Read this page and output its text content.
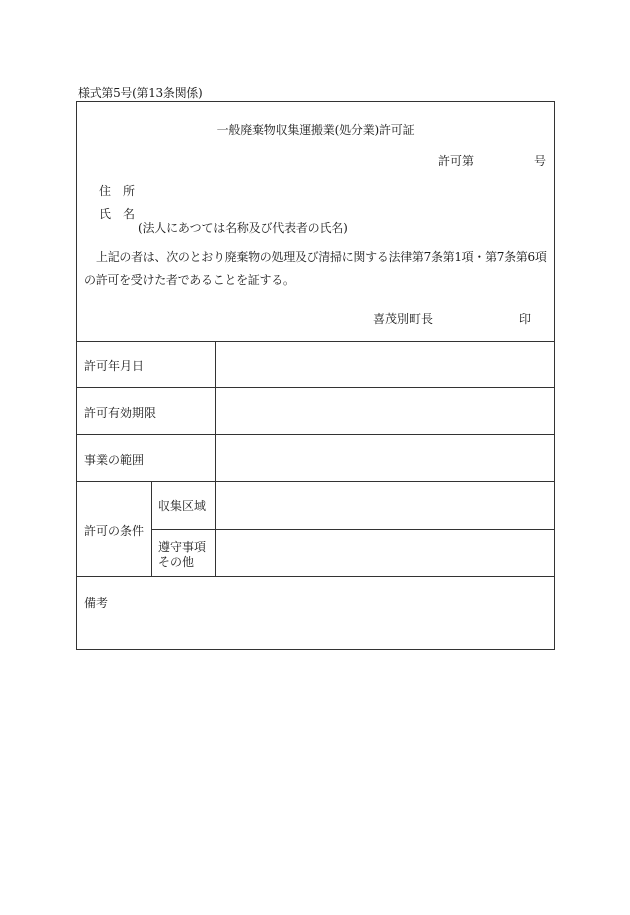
様式第5号(第13条関係)
一般廃棄物収集運搬業(処分業)許可証
許可第　　　　　号
住　所
氏　名
(法人にあつては名称及び代表者の氏名)
上記の者は、次のとおり廃棄物の処理及び清掃に関する法律第7条第1項・第7条第6項の許可を受けた者であることを証する。
喜茂別町長	印
許可年月日
許可有効期限
事業の範囲
許可の条件
収集区域
遵守事項
その他
備考
